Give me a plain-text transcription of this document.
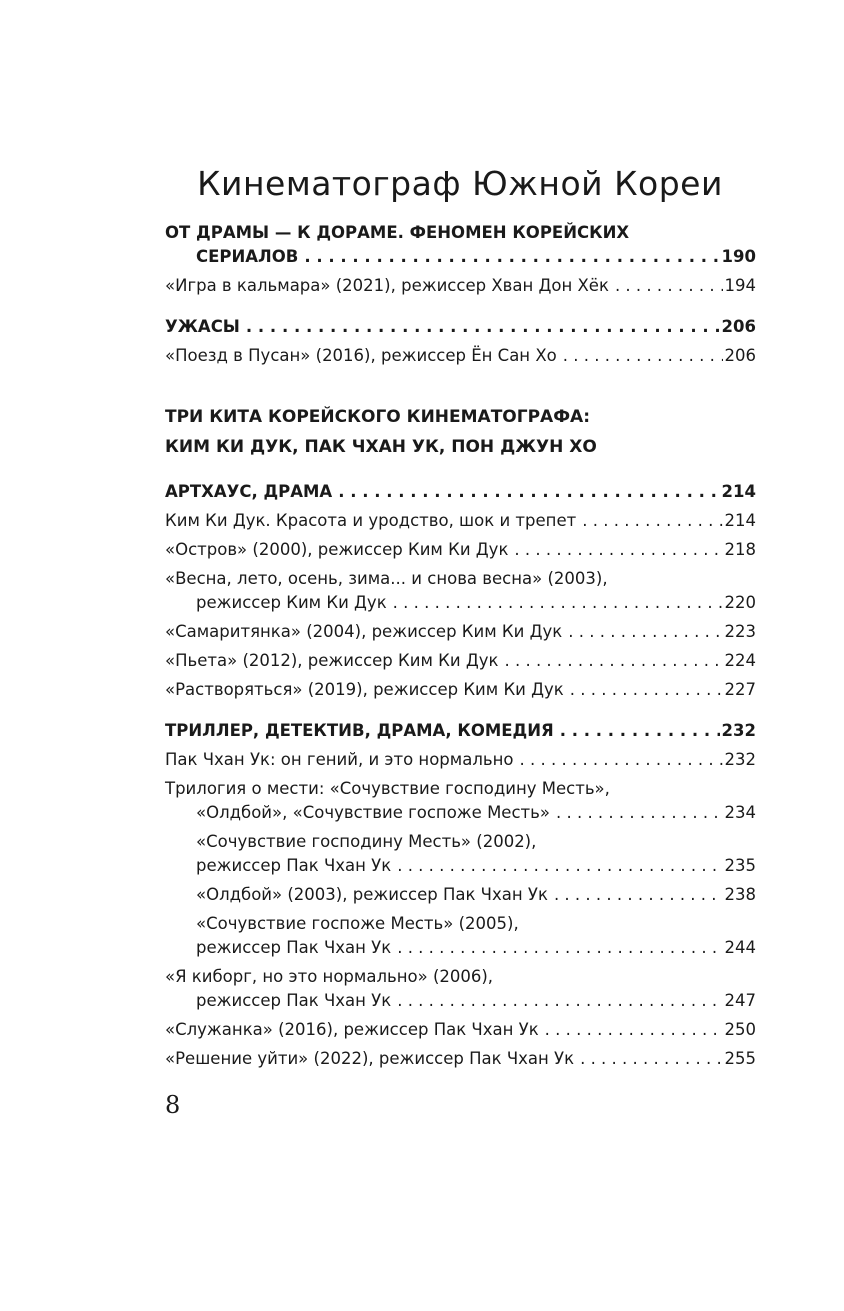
Кинематограф Южной Кореи
ОТ ДРАМЫ — К ДОРАМЕ. ФЕНОМЕН КОРЕЙСКИХ
СЕРИАЛОВ . . .	190
«Игра в кальмара» (2021), режиссер Хван Дон Хёк . . .	194
УЖАСЫ . . .	206
«Поезд в Пусан» (2016), режиссер Ён Сан Хо . . .	206
ТРИ КИТА КОРЕЙСКОГО КИНЕМАТОГРАФА:
КИМ КИ ДУК, ПАК ЧХАН УК, ПОН ДЖУН ХО
АРТХАУС, ДРАМА . . .	214
Ким Ки Дук. Красота и уродство, шок и трепет . . .	214
«Остров» (2000), режиссер Ким Ки Дук . . .	218
«Весна, лето, осень, зима... и снова весна» (2003),
режиссер Ким Ки Дук . . .	220
«Самаритянка» (2004), режиссер Ким Ки Дук . . .	223
«Пьета» (2012), режиссер Ким Ки Дук . . .	224
«Растворяться» (2019), режиссер Ким Ки Дук . . .	227
ТРИЛЛЕР, ДЕТЕКТИВ, ДРАМА, КОМЕДИЯ . . .	232
Пак Чхан Ук: он гений, и это нормально . . .	232
Трилогия о мести: «Сочувствие господину Месть»,
«Олдбой», «Сочувствие госпоже Месть» . . .	234
«Сочувствие господину Месть» (2002),
режиссер Пак Чхан Ук . . .	235
«Олдбой» (2003), режиссер Пак Чхан Ук . . .	238
«Сочувствие госпоже Месть» (2005),
режиссер Пак Чхан Ук . . .	244
«Я киборг, но это нормально» (2006),
режиссер Пак Чхан Ук . . .	247
«Служанка» (2016), режиссер Пак Чхан Ук . . .	250
«Решение уйти» (2022), режиссер Пак Чхан Ук . . .	255
8
